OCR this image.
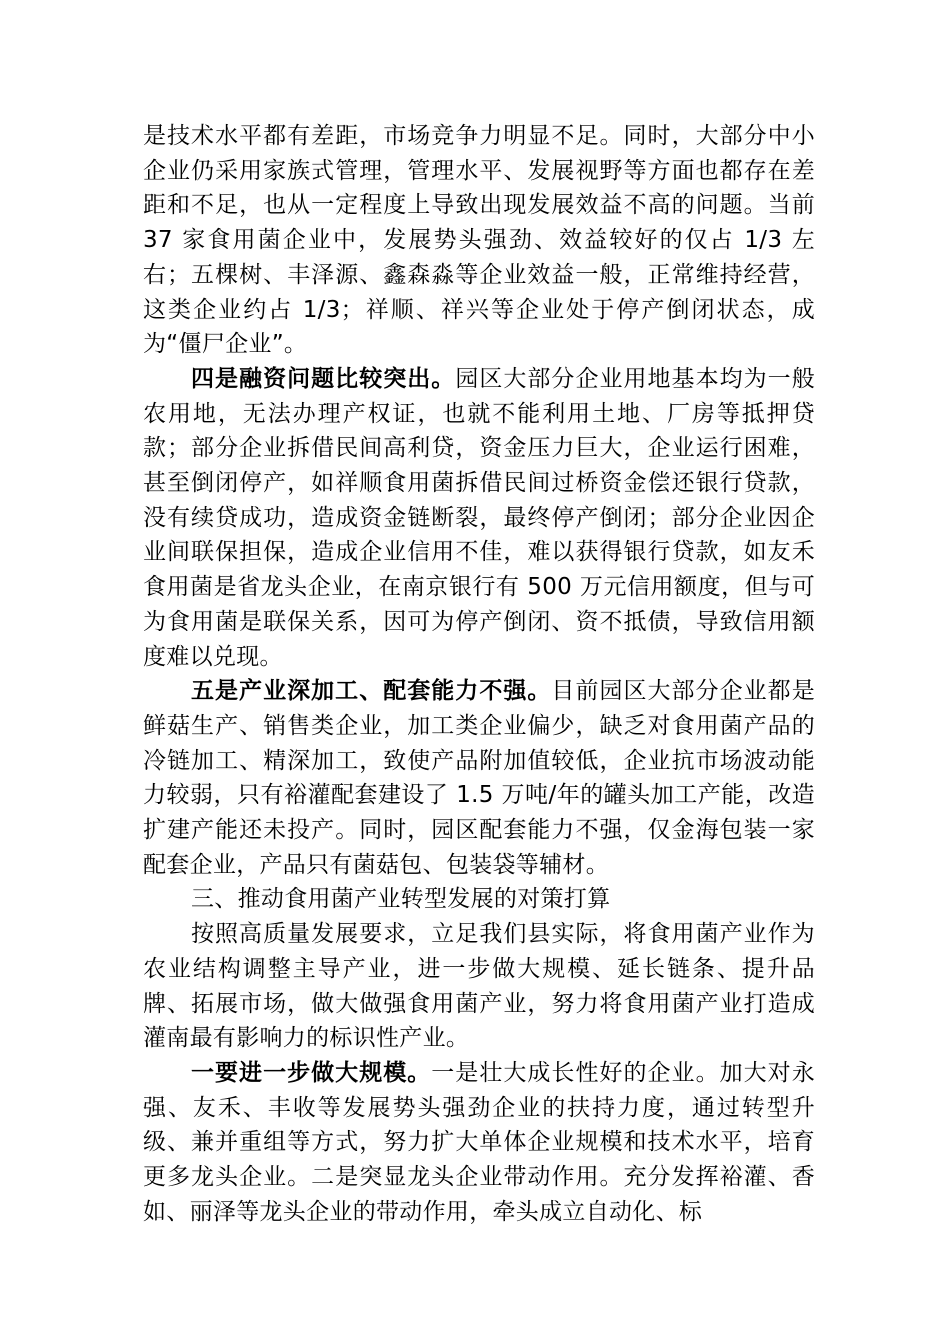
是技术水平都有差距，市场竞争力明显不足。同时，大部分中小企业仍采用家族式管理，管理水平、发展视野等方面也都存在差距和不足，也从一定程度上导致出现发展效益不高的问题。当前 37 家食用菌企业中，发展势头强劲、效益较好的仅占 1/3 左右；五棵树、丰泽源、鑫森淼等企业效益一般，正常维持经营，这类企业约占 1/3；祥顺、祥兴等企业处于停产倒闭状态，成为“僵尸企业”。

四是融资问题比较突出。园区大部分企业用地基本均为一般农用地，无法办理产权证，也就不能利用土地、厂房等抵押贷款；部分企业拆借民间高利贷，资金压力巨大，企业运行困难，甚至倒闭停产，如祥顺食用菌拆借民间过桥资金偿还银行贷款，没有续贷成功，造成资金链断裂，最终停产倒闭；部分企业因企业间联保担保，造成企业信用不佳，难以获得银行贷款，如友禾食用菌是省龙头企业，在南京银行有 500 万元信用额度，但与可为食用菌是联保关系，因可为停产倒闭、资不抵债，导致信用额度难以兑现。

五是产业深加工、配套能力不强。目前园区大部分企业都是鲜菇生产、销售类企业，加工类企业偏少，缺乏对食用菌产品的冷链加工、精深加工，致使产品附加值较低，企业抗市场波动能力较弱，只有裕灌配套建设了 1.5 万吨/年的罐头加工产能，改造扩建产能还未投产。同时，园区配套能力不强，仅金海包装一家配套企业，产品只有菌菇包、包装袋等辅材。

三、推动食用菌产业转型发展的对策打算

按照高质量发展要求，立足我们县实际，将食用菌产业作为农业结构调整主导产业，进一步做大规模、延长链条、提升品牌、拓展市场，做大做强食用菌产业，努力将食用菌产业打造成灌南最有影响力的标识性产业。

一要进一步做大规模。一是壮大成长性好的企业。加大对永强、友禾、丰收等发展势头强劲企业的扶持力度，通过转型升级、兼并重组等方式，努力扩大单体企业规模和技术水平，培育更多龙头企业。二是突显龙头企业带动作用。充分发挥裕灌、香如、丽泽等龙头企业的带动作用，牵头成立自动化、标
